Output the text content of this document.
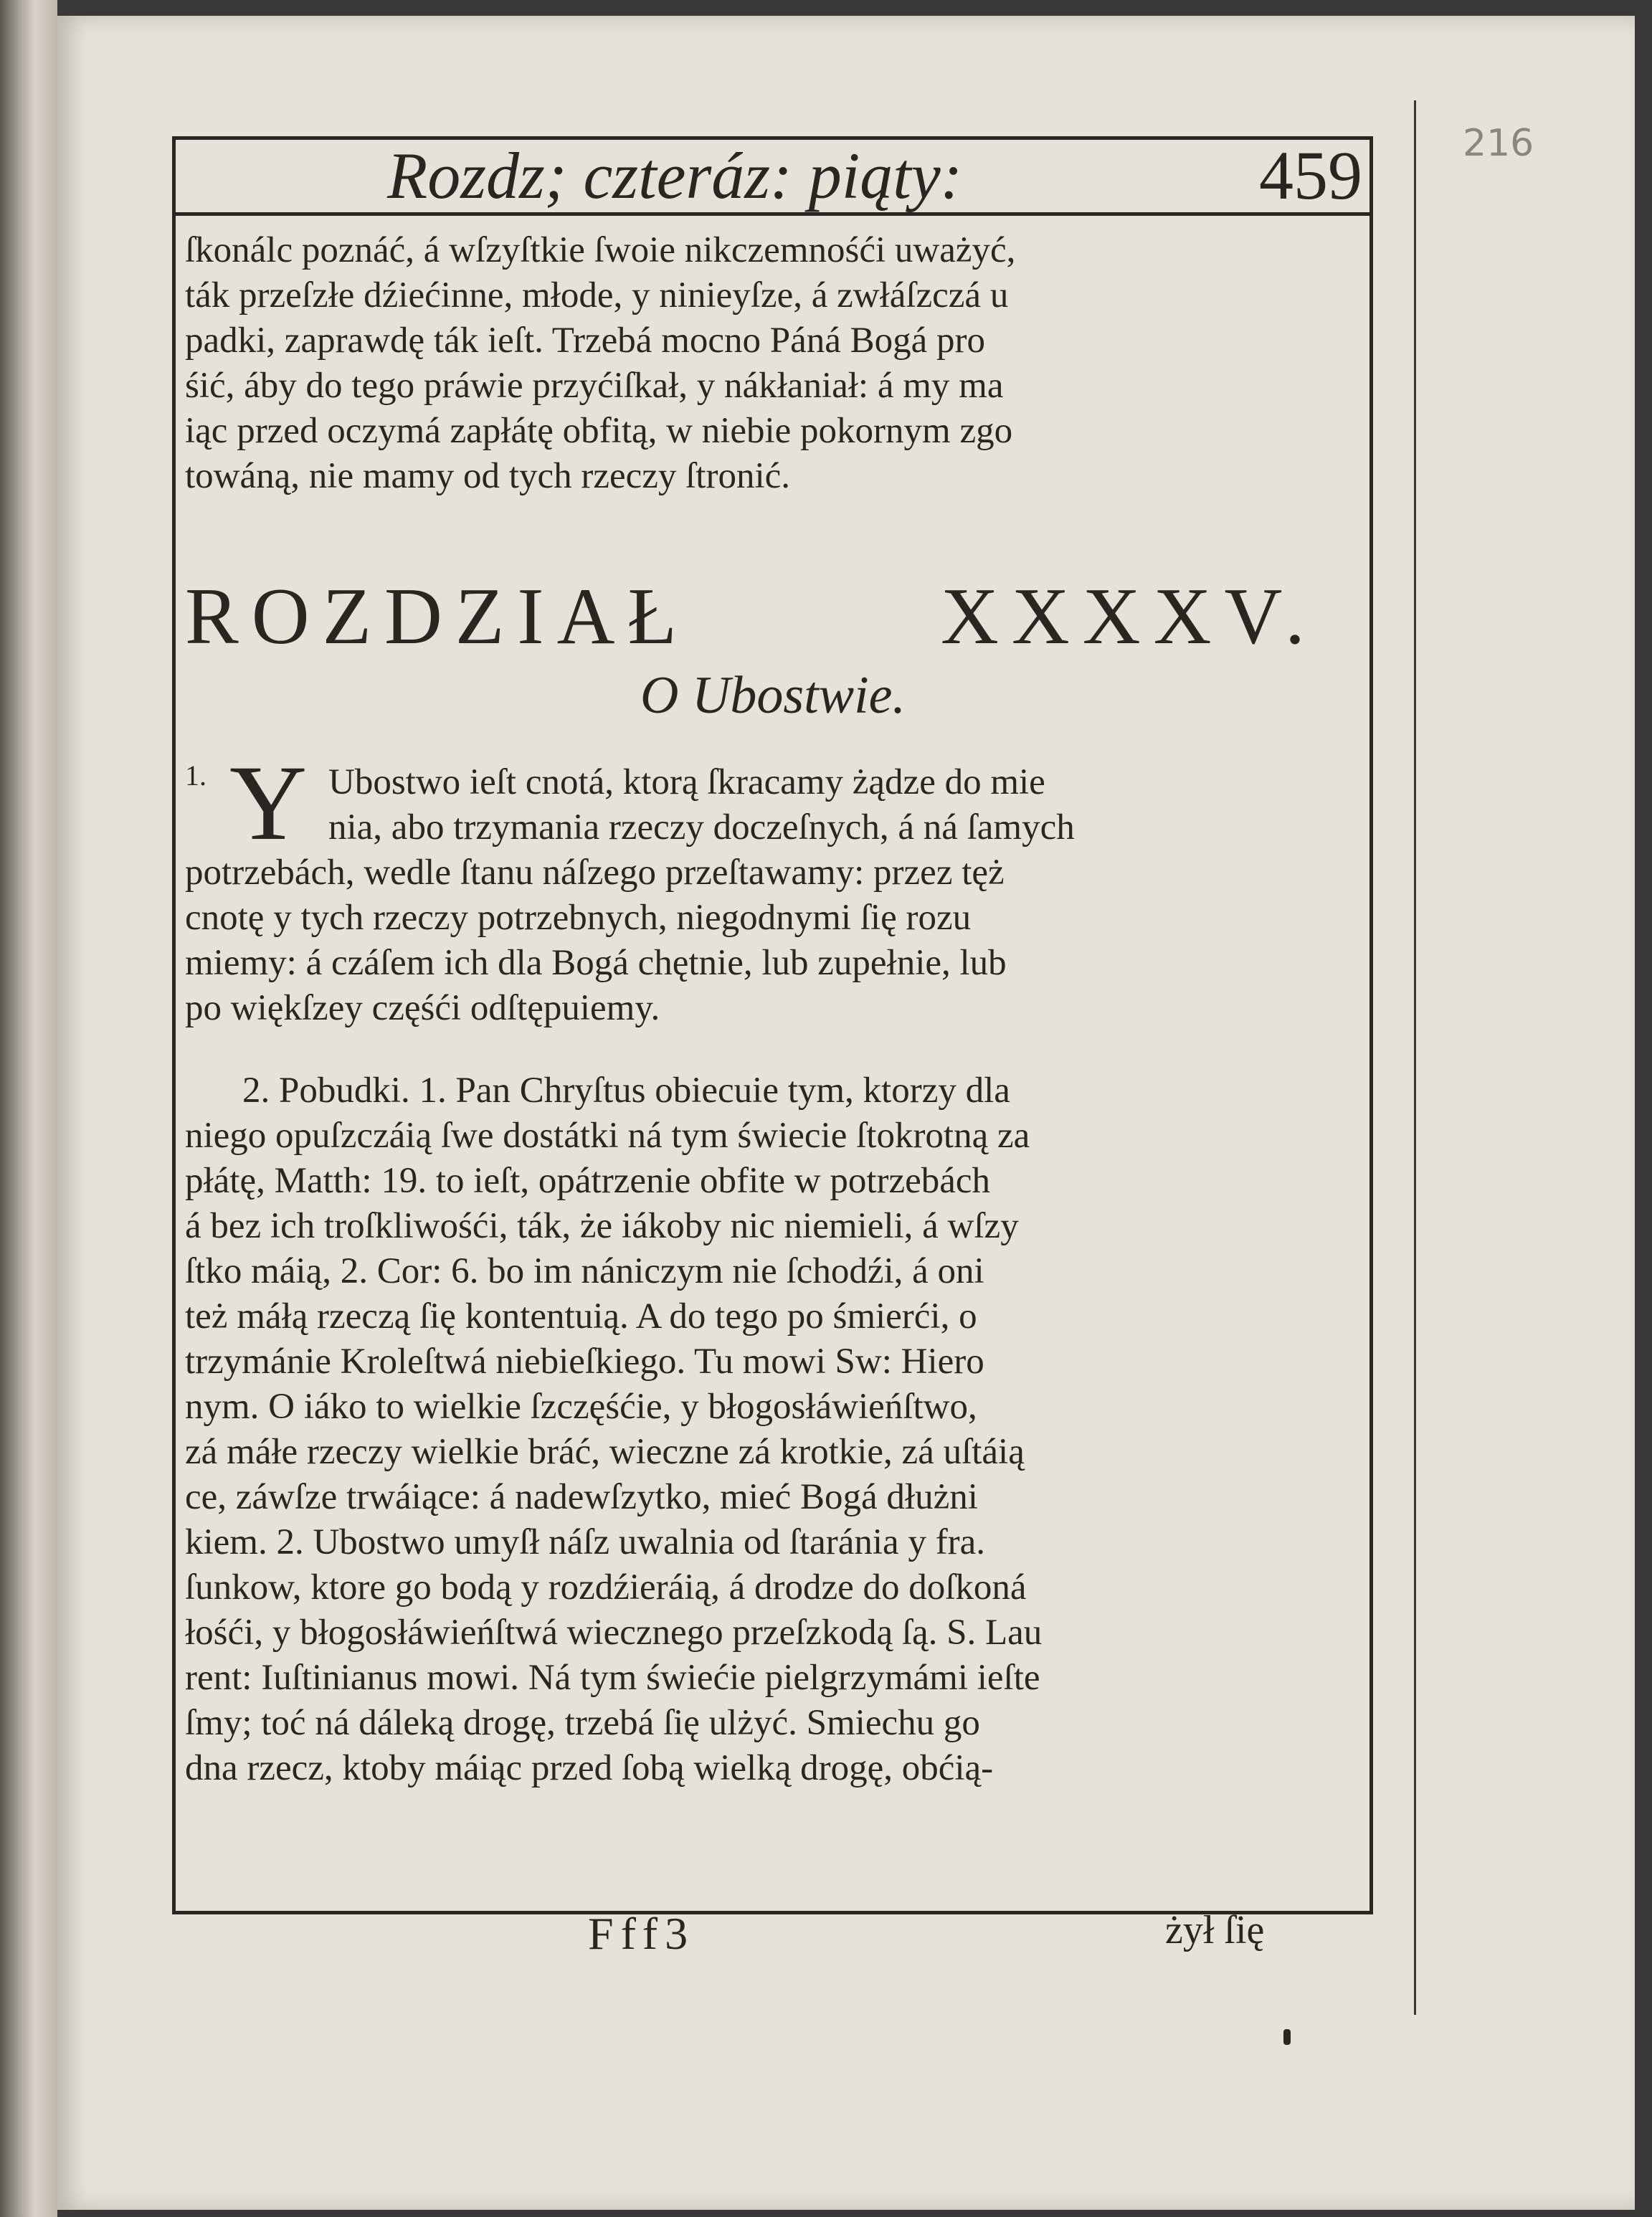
Rozdz; czteráz: piąty:	459	216
ſkonálc poznáć, á wſzyſtkie ſwoie nikczemnośći uważyć,
ták przeſzłe dźiećinne, młode, y ninieyſze, á zwłáſzczá u
padki, zaprawdę ták ieſt. Trzebá mocno Páná Bogá pro
śić, áby do tego práwie przyćiſkał, y nákłaniał: á my ma
iąc przed oczymá zapłátę obfitą, w niebie pokornym zgo
towáną, nie mamy od tych rzeczy ſtronić.
ROZDZIAŁ	XXXXV.
O Ubostwie.
1. Y Ubostwo ieſt cnotá, ktorą ſkracamy żądze do mie
nia, abo trzymania rzeczy doczeſnych, á ná ſamych
potrzebách, wedle ſtanu náſzego przeſtawamy: przez tęż
cnotę y tych rzeczy potrzebnych, niegodnymi ſię rozu
miemy: á czáſem ich dla Bogá chętnie, lub zupełnie, lub
po więkſzey częśći odſtępuiemy.
2. Pobudki. 1. Pan Chryſtus obiecuie tym, ktorzy dla
niego opuſzczáią ſwe dostátki ná tym świecie ſtokrotną za
płátę, Matth: 19. to ieſt, opátrzenie obfite w potrzebách
á bez ich troſkliwośći, ták, że iákoby nic niemieli, á wſzy
ſtko máią, 2. Cor: 6. bo im nániczym nie ſchodźi, á oni
też máłą rzeczą ſię kontentuią. A do tego po śmierći, o
trzymánie Kroleſtwá niebieſkiego. Tu mowi Sw: Hiero
nym. O iáko to wielkie ſzczęśćie, y błogosłáwieńſtwo,
zá máłe rzeczy wielkie bráć, wieczne zá krotkie, zá uſtáią
ce, záwſze trwáiące: á nadewſzytko, mieć Bogá dłużni
kiem. 2. Ubostwo umyſł náſz uwalnia od ſtaránia y fra.
ſunkow, ktore go bodą y rozdźieráią, á drodze do doſkoná
łośći, y błogosłáwieńſtwá wiecznego przeſzkodą ſą. S. Lau
rent: Iuſtinianus mowi. Ná tym świećie pielgrzymámi ieſte
ſmy; toć ná dáleką drogę, trzebá ſię ulżyć. Smiechu go
dna rzecz, ktoby máiąc przed ſobą wielką drogę, obćią-
Fff3	żył ſię
